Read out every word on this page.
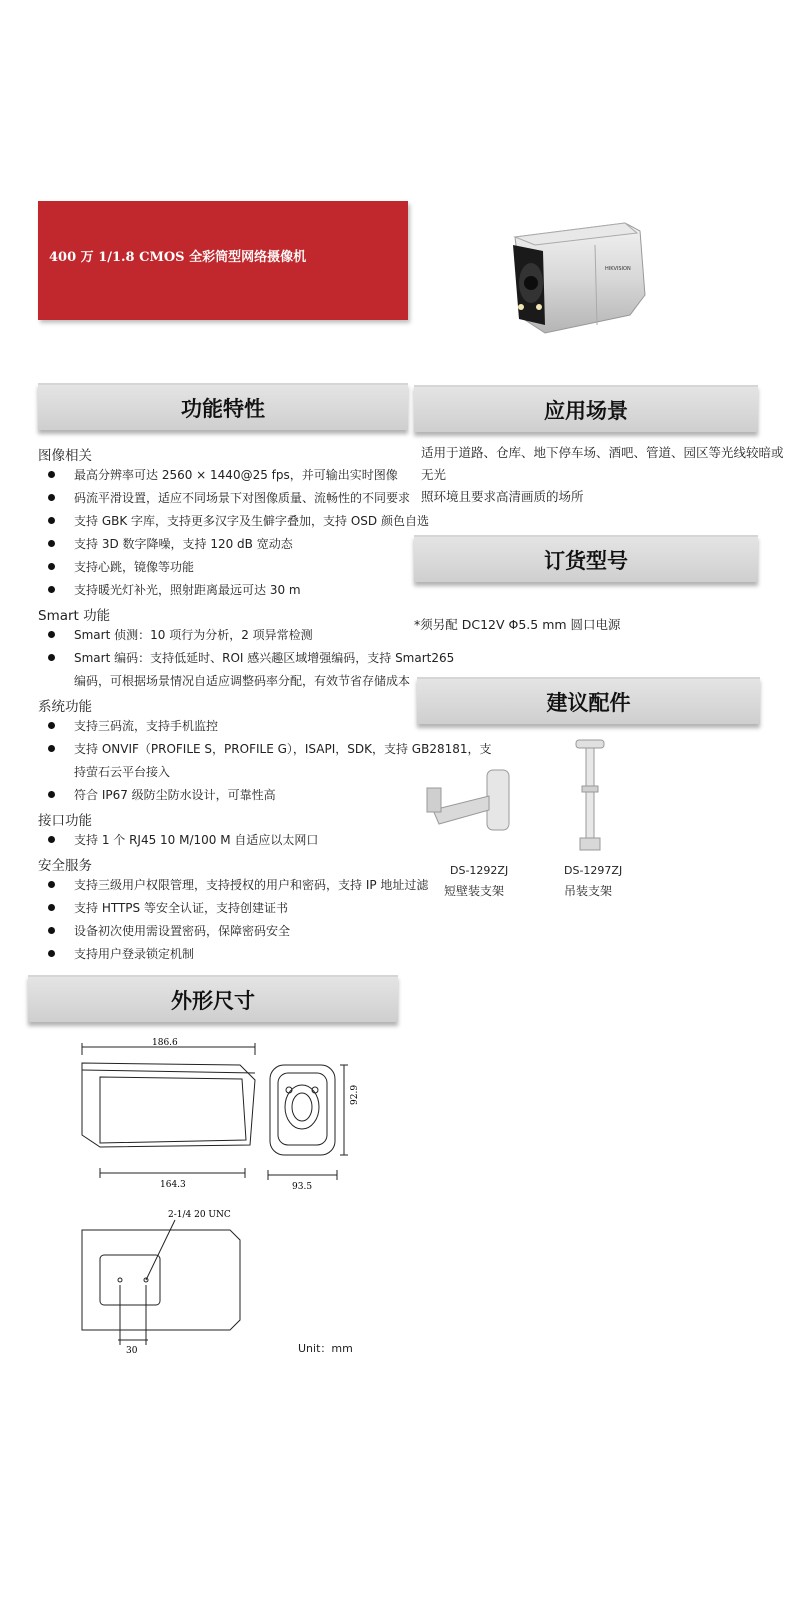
400 万 1/1.8 CMOS 全彩筒型网络摄像机
HIKVISION
功能特性	应用场景
图像相关
最高分辨率可达 2560 × 1440@25 fps，并可输出实时图像
码流平滑设置，适应不同场景下对图像质量、流畅性的不同要求
支持 GBK 字库，支持更多汉字及生僻字叠加，支持 OSD 颜色自选
支持 3D 数字降噪，支持 120 dB 宽动态
支持心跳，镜像等功能
支持暖光灯补光，照射距离最远可达 30 m
Smart 功能
Smart 侦测：10 项行为分析，2 项异常检测
Smart 编码：支持低延时、ROI 感兴趣区域增强编码，支持 Smart265
编码，可根据场景情况自适应调整码率分配，有效节省存储成本
系统功能
支持三码流，支持手机监控
支持 ONVIF（PROFILE S，PROFILE G），ISAPI，SDK，支持 GB28181，支
持萤石云平台接入
符合 IP67 级防尘防水设计，可靠性高
接口功能
支持 1 个 RJ45 10 M/100 M 自适应以太网口
安全服务
支持三级用户权限管理，支持授权的用户和密码，支持 IP 地址过滤
支持 HTTPS 等安全认证，支持创建证书
设备初次使用需设置密码，保障密码安全
支持用户登录锁定机制
适用于道路、仓库、地下停车场、酒吧、管道、园区等光线较暗或无光
照环境且要求高清画质的场所
订货型号
*须另配 DC12V Φ5.5 mm 圆口电源
建议配件
DS-1292ZJ
短壁装支架
DS-1297ZJ
吊装支架
外形尺寸
186.6
164.3	93.5
92.9
2-1/4 20 UNC
30	Unit：mm
